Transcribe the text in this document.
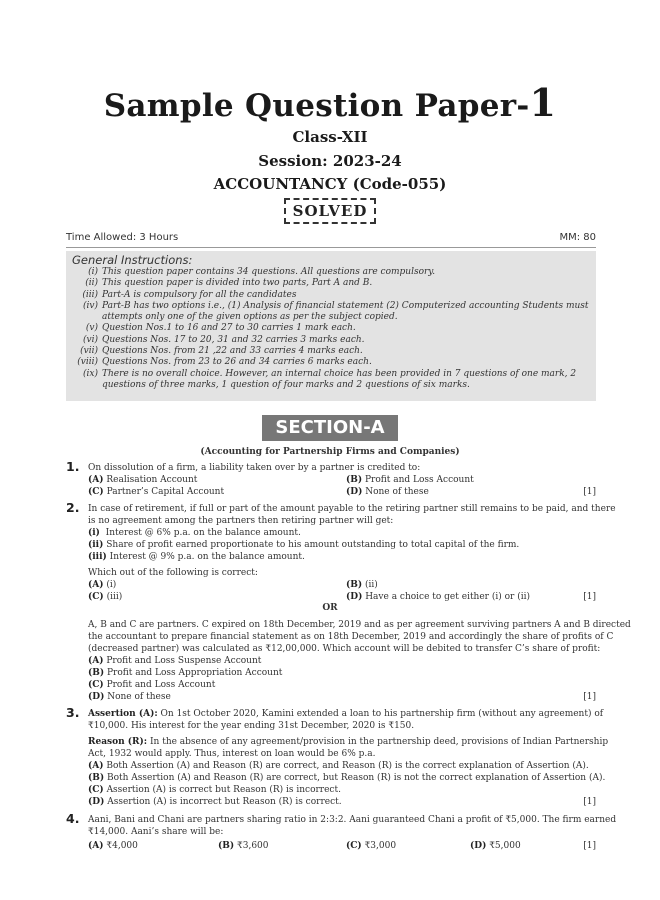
Sample Question Paper-1
Class-XII
Session: 2023-24
ACCOUNTANCY (Code-055)
SOLVED
Time Allowed: 3 Hours	MM: 80
General Instructions:
(i) This question paper contains 34 questions. All questions are compulsory.
(ii) This question paper is divided into two parts, Part A and B.
(iii) Part-A is compulsory for all the candidates
(iv) Part-B has two options i.e., (1) Analysis of financial statement (2) Computerized accounting Students must attempts only one of the given options as per the subject copied.
(v) Question Nos.1 to 16 and 27 to 30 carries 1 mark each.
(vi) Questions Nos. 17 to 20, 31 and 32 carries 3 marks each.
(vii) Questions Nos. from 21 ,22 and 33 carries 4 marks each.
(viii) Questions Nos. from 23 to 26 and 34 carries 6 marks each.
(ix) There is no overall choice. However, an internal choice has been provided in 7 questions of one mark, 2 questions of three marks, 1 question of four marks and 2 questions of six marks.
SECTION-A
(Accounting for Partnership Firms and Companies)
1. On dissolution of a firm, a liability taken over by a partner is credited to:
(A) Realisation Account	(B) Profit and Loss Account
(C) Partner’s Capital Account	(D) None of these	[1]
2. In case of retirement, if full or part of the amount payable to the retiring partner still remains to be paid, and there
is no agreement among the partners then retiring partner will get:
(i) Interest @ 6% p.a. on the balance amount.
(ii) Share of profit earned proportionate to his amount outstanding to total capital of the firm.
(iii) Interest @ 9% p.a. on the balance amount.
Which out of the following is correct:
(A) (i)	(B) (ii)
(C) (iii)	(D) Have a choice to get either (i) or (ii)	[1]
OR
A, B and C are partners. C expired on 18th December, 2019 and as per agreement surviving partners A and B directed
the accountant to prepare financial statement as on 18th December, 2019 and accordingly the share of profits of C
(decreased partner) was calculated as ₹12,00,000. Which account will be debited to transfer C’s share of profit:
(A) Profit and Loss Suspense Account
(B) Profit and Loss Appropriation Account
(C) Profit and Loss Account
(D) None of these	[1]
3. Assertion (A): On 1st October 2020, Kamini extended a loan to his partnership firm (without any agreement) of
₹10,000. His interest for the year ending 31st December, 2020 is ₹150.
Reason (R): In the absence of any agreement/provision in the partnership deed, provisions of Indian Partnership
Act, 1932 would apply. Thus, interest on loan would be 6% p.a.
(A) Both Assertion (A) and Reason (R) are correct, and Reason (R) is the correct explanation of Assertion (A).
(B) Both Assertion (A) and Reason (R) are correct, but Reason (R) is not the correct explanation of Assertion (A).
(C) Assertion (A) is correct but Reason (R) is incorrect.
(D) Assertion (A) is incorrect but Reason (R) is correct.	[1]
4. Aani, Bani and Chani are partners sharing ratio in 2:3:2. Aani guaranteed Chani a profit of ₹5,000. The firm earned
₹14,000. Aani’s share will be:
(A) ₹4,000	(B) ₹3,600	(C) ₹3,000	(D) ₹5,000	[1]
